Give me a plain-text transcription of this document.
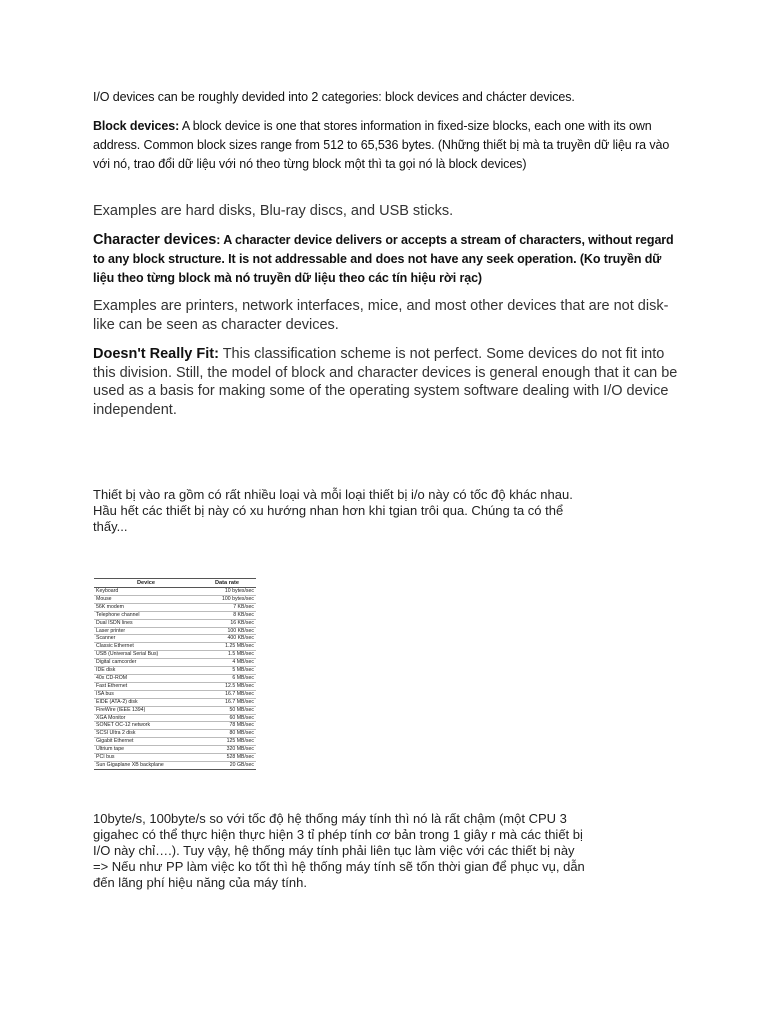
I/O devices can be roughly devided into 2 categories: block devices and chácter devices.

Block devices: A block device is one that stores information in fixed-size blocks, each one with its own address. Common block sizes range from 512 to 65,536 bytes. (Những thiết bị mà ta truyền dữ liệu ra vào với nó, trao đổi dữ liệu với nó theo từng block một thì ta gọi nó là block devices)

Examples are hard disks, Blu-ray discs, and USB sticks.

Character devices: A character device delivers or accepts a stream of characters, without regard to any block structure. It is not addressable and does not have any seek operation. (Ko truyền dữ liệu theo từng block mà nó truyền dữ liệu theo các tín hiệu rời rạc)

Examples are printers, network interfaces, mice, and most other devices that are not disk-like can be seen as character devices.

Doesn't Really Fit: This classification scheme is not perfect. Some devices do not fit into this division. Still, the model of block and character devices is general enough that it can be used as a basis for making some of the operating system software dealing with I/O device independent.

Thiết bị vào ra gồm có rất nhiều loại và mỗi loại thiết bị i/o này có tốc độ khác nhau. Hầu hết các thiết bị này có xu hướng nhan hơn khi tgian trôi qua. Chúng ta có thể thấy...

Device	Data rate
Keyboard	10 bytes/sec
Mouse	100 bytes/sec
56K modem	7 KB/sec
Telephone channel	8 KB/sec
Dual ISDN lines	16 KB/sec
Laser printer	100 KB/sec
Scanner	400 KB/sec
Classic Ethernet	1.25 MB/sec
USB (Universal Serial Bus)	1.5 MB/sec
Digital camcorder	4 MB/sec
IDE disk	5 MB/sec
40x CD-ROM	6 MB/sec
Fast Ethernet	12.5 MB/sec
ISA bus	16.7 MB/sec
EIDE (ATA-2) disk	16.7 MB/sec
FireWire (IEEE 1394)	50 MB/sec
XGA Monitor	60 MB/sec
SONET OC-12 network	78 MB/sec
SCSI Ultra 2 disk	80 MB/sec
Gigabit Ethernet	125 MB/sec
Ultrium tape	320 MB/sec
PCI bus	528 MB/sec
Sun Gigaplane XB backplane	20 GB/sec

10byte/s, 100byte/s so với tốc độ hệ thống máy tính thì nó là rất chậm (một CPU 3 gigahec có thể thực hiện thực hiện 3 tỉ phép tính cơ bản trong 1 giây r mà các thiết bị I/O này chỉ….). Tuy vậy, hệ thống máy tính phải liên tục làm việc với các thiết bị này => Nếu như PP làm việc ko tốt thì hệ thống máy tính sẽ tốn thời gian để phục vụ, dẫn đến lãng phí hiệu năng của máy tính.
